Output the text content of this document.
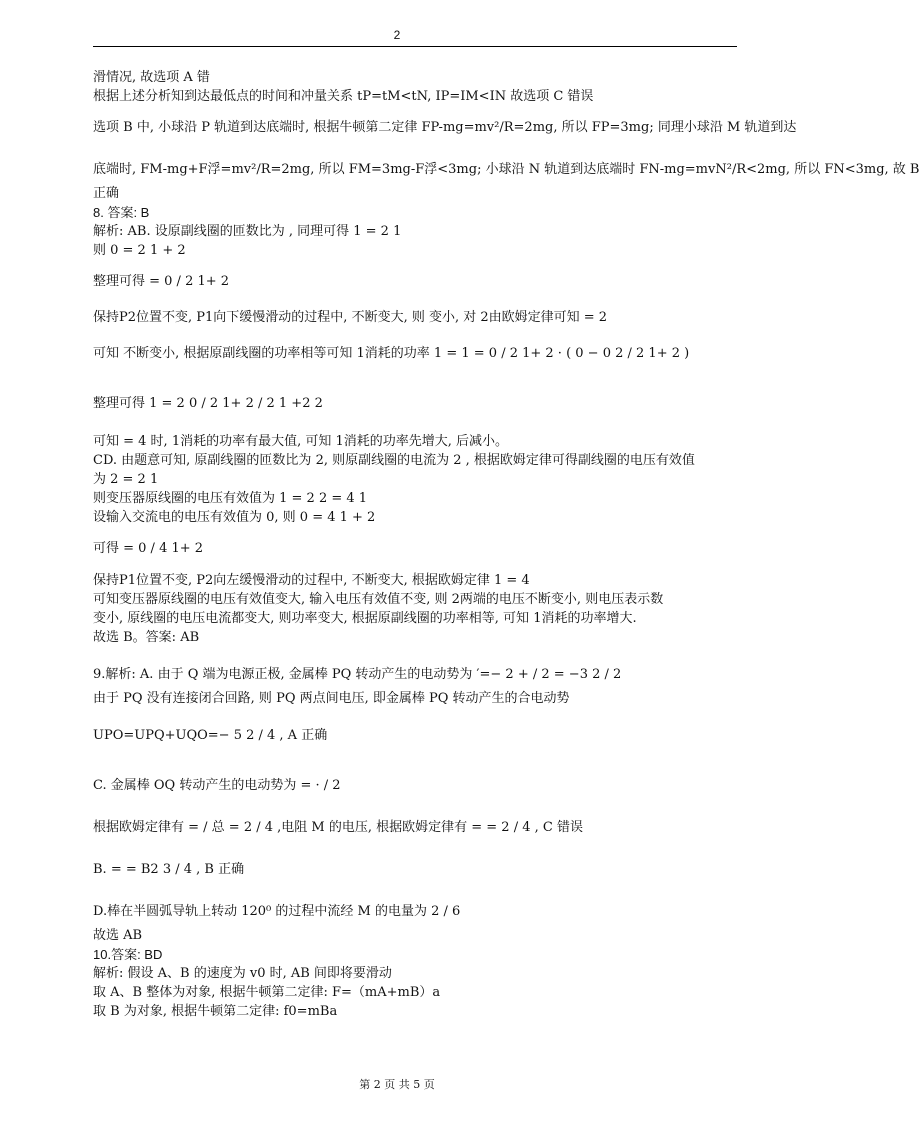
2
滑情况, 故选项 A 错
根据上述分析知到达最低点的时间和冲量关系 tP=tM<tN, IP=IM<IN 故选项 C 错误
选项 B 中, 小球沿 P 轨道到达底端时, 根据牛顿第二定律 FP-mg=mv²/R=2mg, 所以 FP=3mg; 同理小球沿 M 轨道到达
底端时, FM-mg+F浮=mv²/R=2mg, 所以 FM=3mg-F浮<3mg; 小球沿 N 轨道到达底端时 FN-mg=mvN²/R<2mg, 所以 FN<3mg, 故 B
正确
8. 答案: B
解析: AB. 设原副线圈的匝数比为 , 同理可得 1 = 2 1
则 0 = 2 1 + 2
整理可得 = 0 / 2 1+ 2
保持P2位置不变, P1向下缓慢滑动的过程中, 不断变大, 则 变小, 对 2由欧姆定律可知 = 2
可知 不断变小, 根据原副线圈的功率相等可知 1消耗的功率 1 = 1 = 0 / 2 1+ 2 · ( 0 − 0 2 / 2 1+ 2 )
整理可得 1 = 2 0 / 2 1+ 2 / 2 1 +2 2
可知 = 4 时, 1消耗的功率有最大值, 可知 1消耗的功率先增大, 后减小。
CD. 由题意可知, 原副线圈的匝数比为 2, 则原副线圈的电流为 2 , 根据欧姆定律可得副线圈的电压有效值
为 2 = 2 1
则变压器原线圈的电压有效值为 1 = 2 2 = 4 1
设输入交流电的电压有效值为 0, 则 0 = 4 1 + 2
可得 = 0 / 4 1+ 2
保持P1位置不变, P2向左缓慢滑动的过程中, 不断变大, 根据欧姆定律 1 = 4
可知变压器原线圈的电压有效值变大, 输入电压有效值不变, 则 2两端的电压不断变小, 则电压表示数
变小, 原线圈的电压电流都变大, 则功率变大, 根据原副线圈的功率相等, 可知 1消耗的功率增大.
故选 B。答案: AB
9.解析: A. 由于 Q 端为电源正极, 金属棒 PQ 转动产生的电动势为 ′=− 2 + / 2 = −3 2 / 2
由于 PQ 没有连接闭合回路, 则 PQ 两点间电压, 即金属棒 PQ 转动产生的合电动势
UPO=UPQ+UQO=− 5 2 / 4 , A 正确
C. 金属棒 OQ 转动产生的电动势为 = · / 2
根据欧姆定律有 = / 总 = 2 / 4 ,电阻 M 的电压, 根据欧姆定律有 = = 2 / 4 , C 错误
B. = = B2 3 / 4 , B 正确
D.棒在半圆弧导轨上转动 120⁰ 的过程中流经 M 的电量为 2 / 6
故选 AB
10.答案: BD
解析: 假设 A、B 的速度为 v0 时, AB 间即将要滑动
取 A、B 整体为对象, 根据牛顿第二定律: F=（mA+mB）a
取 B 为对象, 根据牛顿第二定律: f0=mBa
第 2 页 共 5 页
